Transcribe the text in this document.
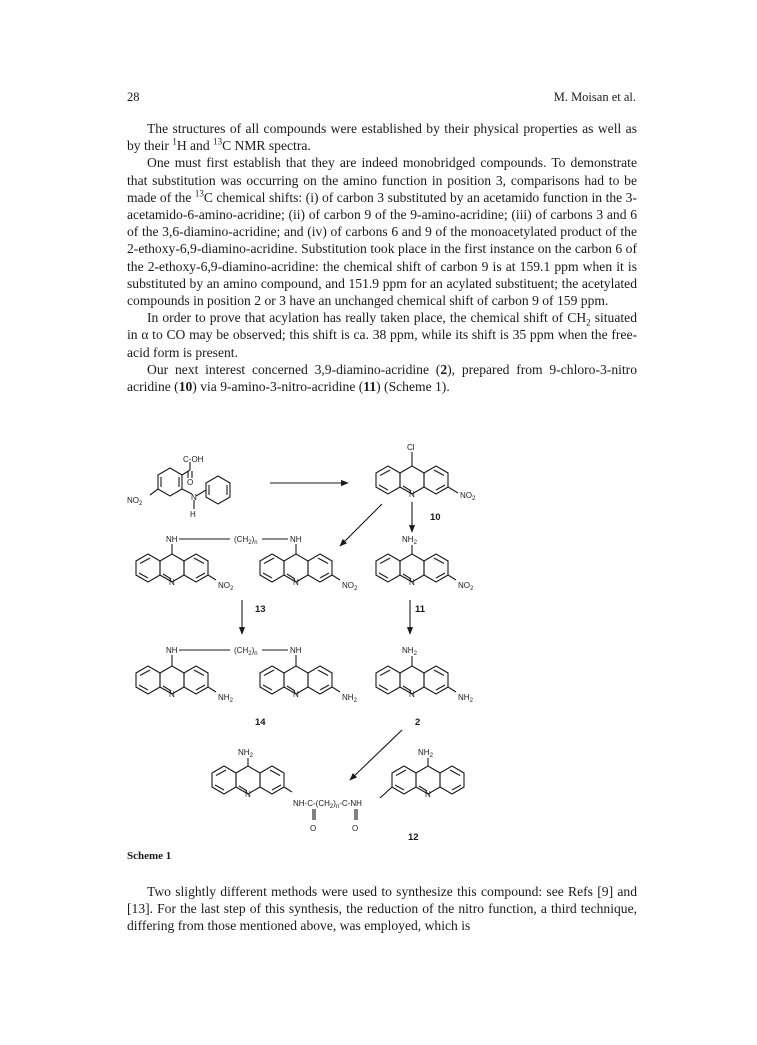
28	M. Moisan et al.

The structures of all compounds were established by their physical properties as well as by their $^1$H and $^{13}$C NMR spectra.

One must first establish that they are indeed monobridged compounds. To demonstrate that substitution was occurring on the amino function in position 3, comparisons had to be made of the $^{13}$C chemical shifts: (i) of carbon 3 substituted by an acetamido function in the 3-acetamido-6-amino-acridine; (ii) of carbon 9 of the 9-amino-acridine; (iii) of carbons 3 and 6 of the 3,6-diamino-acridine; and (iv) of carbons 6 and 9 of the monoacetylated product of the 2-ethoxy-6,9-diamino-acridine. Substitution took place in the first instance on the carbon 6 of the 2-ethoxy-6,9-diamino-acridine: the chemical shift of carbon 9 is at 159.1 ppm when it is substituted by an amino compound, and 151.9 ppm for an acylated substituent; the acetylated compounds in position 2 or 3 have an unchanged chemical shift of carbon 9 of 159 ppm.

In order to prove that acylation has really taken place, the chemical shift of $CH_2$ situated in α to CO may be observed; this shift is ca. 38 ppm, while its shift is 35 ppm when the free-acid form is present.

Our next interest concerned 3,9-diamino-acridine (2), prepared from 9-chloro-3-nitro acridine (10) via 9-amino-3-nitro-acridine (11) (Scheme 1).

C-OH
O
N
H
$NO_2$
Cl
N	$NO_2$
10
NH	$(CH_2)_n$	NH
N	$NO_2$
N	$NO_2$
13
$NH_2$
N	$NO_2$
11
NH	$(CH_2)_n$	NH
N	$NH_2$
N	$NH_2$
14
$NH_2$
N	$NH_2$
2
$NH_2$
N
$NH-C-(CH_2)_n-C-NH$
O	O
$NH_2$
N
12
Scheme 1

Two slightly different methods were used to synthesize this compound: see Refs [9] and [13]. For the last step of this synthesis, the reduction of the nitro function, a third technique, differing from those mentioned above, was employed, which is
